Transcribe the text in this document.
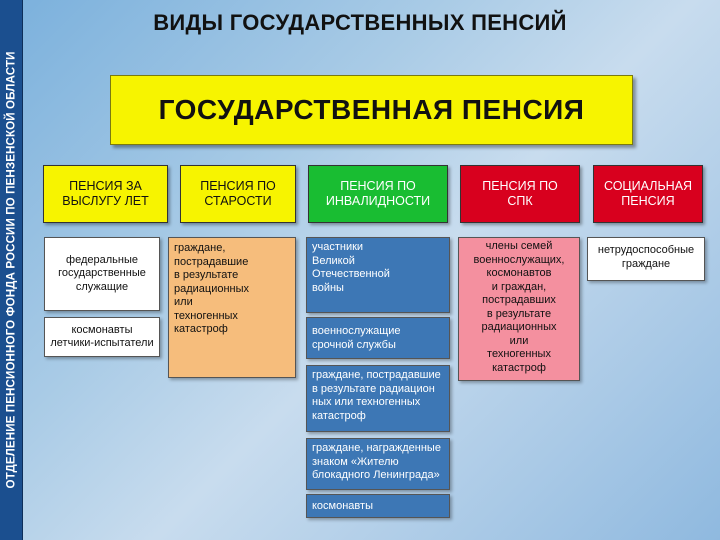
ОТДЕЛЕНИЕ ПЕНСИОННОГО ФОНДА РОССИИ ПО ПЕНЗЕНСКОЙ ОБЛАСТИ
ВИДЫ ГОСУДАРСТВЕННЫХ ПЕНСИЙ
ГОСУДАРСТВЕННАЯ ПЕНСИЯ
ПЕНСИЯ ЗА
ВЫСЛУГУ ЛЕТ
ПЕНСИЯ ПО
СТАРОСТИ
ПЕНСИЯ ПО
ИНВАЛИДНОСТИ
ПЕНСИЯ ПО
СПК
СОЦИАЛЬНАЯ
ПЕНСИЯ
федеральные
государственные
служащие
космонавты
летчики-испытатели
граждане,
пострадавшие
в результате
радиационных
или
техногенных
катастроф
участники
Великой
Отечественной
войны
военнослужащие
срочной службы
граждане, пострадавшие
в результате радиацион
ных или техногенных
катастроф
граждане, награжденные
знаком «Жителю
блокадного Ленинграда»
космонавты
члены семей
военнослужащих,
космонавтов
и граждан,
пострадавших
в результате
радиационных
или
техногенных
катастроф
нетрудоспособные
граждане
